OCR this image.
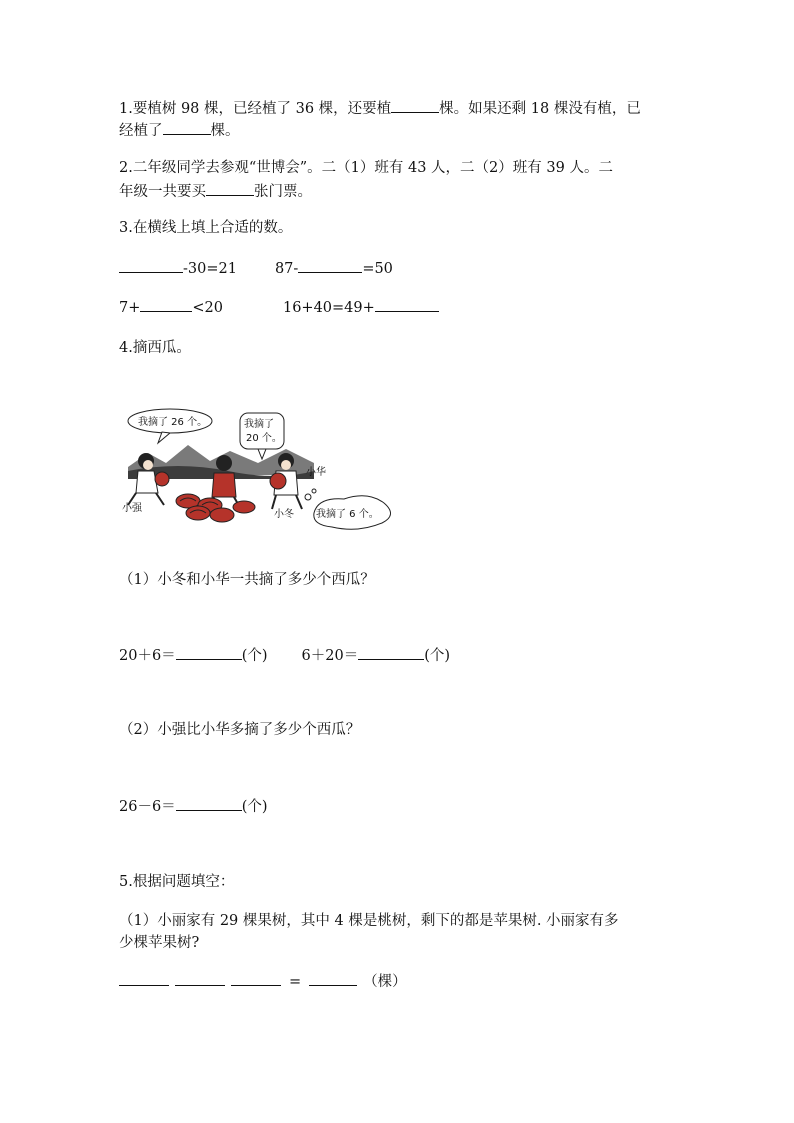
1.要植树 98 棵，已经植了 36 棵，还要植	棵。如果还剩 18 棵没有植，已
经植了	棵。
2.二年级同学去参观“世博会”。二（1）班有 43 人，二（2）班有 39 人。二
年级一共要买	张门票。
3.在横线上填上合适的数。
-30=21	87-	=50
7+	<20	16+40=49+
4.摘西瓜。
我摘了 26 个。	我摘了
20 个。
我摘了 6 个。
小强
小冬
小华
（1）小冬和小华一共摘了多少个西瓜？
20＋6＝	(个) 6＋20＝	(个)
（2）小强比小华多摘了多少个西瓜？
26－6＝	(个)
5.根据问题填空：
（1）小丽家有 29 棵果树，其中 4 棵是桃树，剩下的都是苹果树. 小丽家有多
少棵苹果树?
=	（棵）
